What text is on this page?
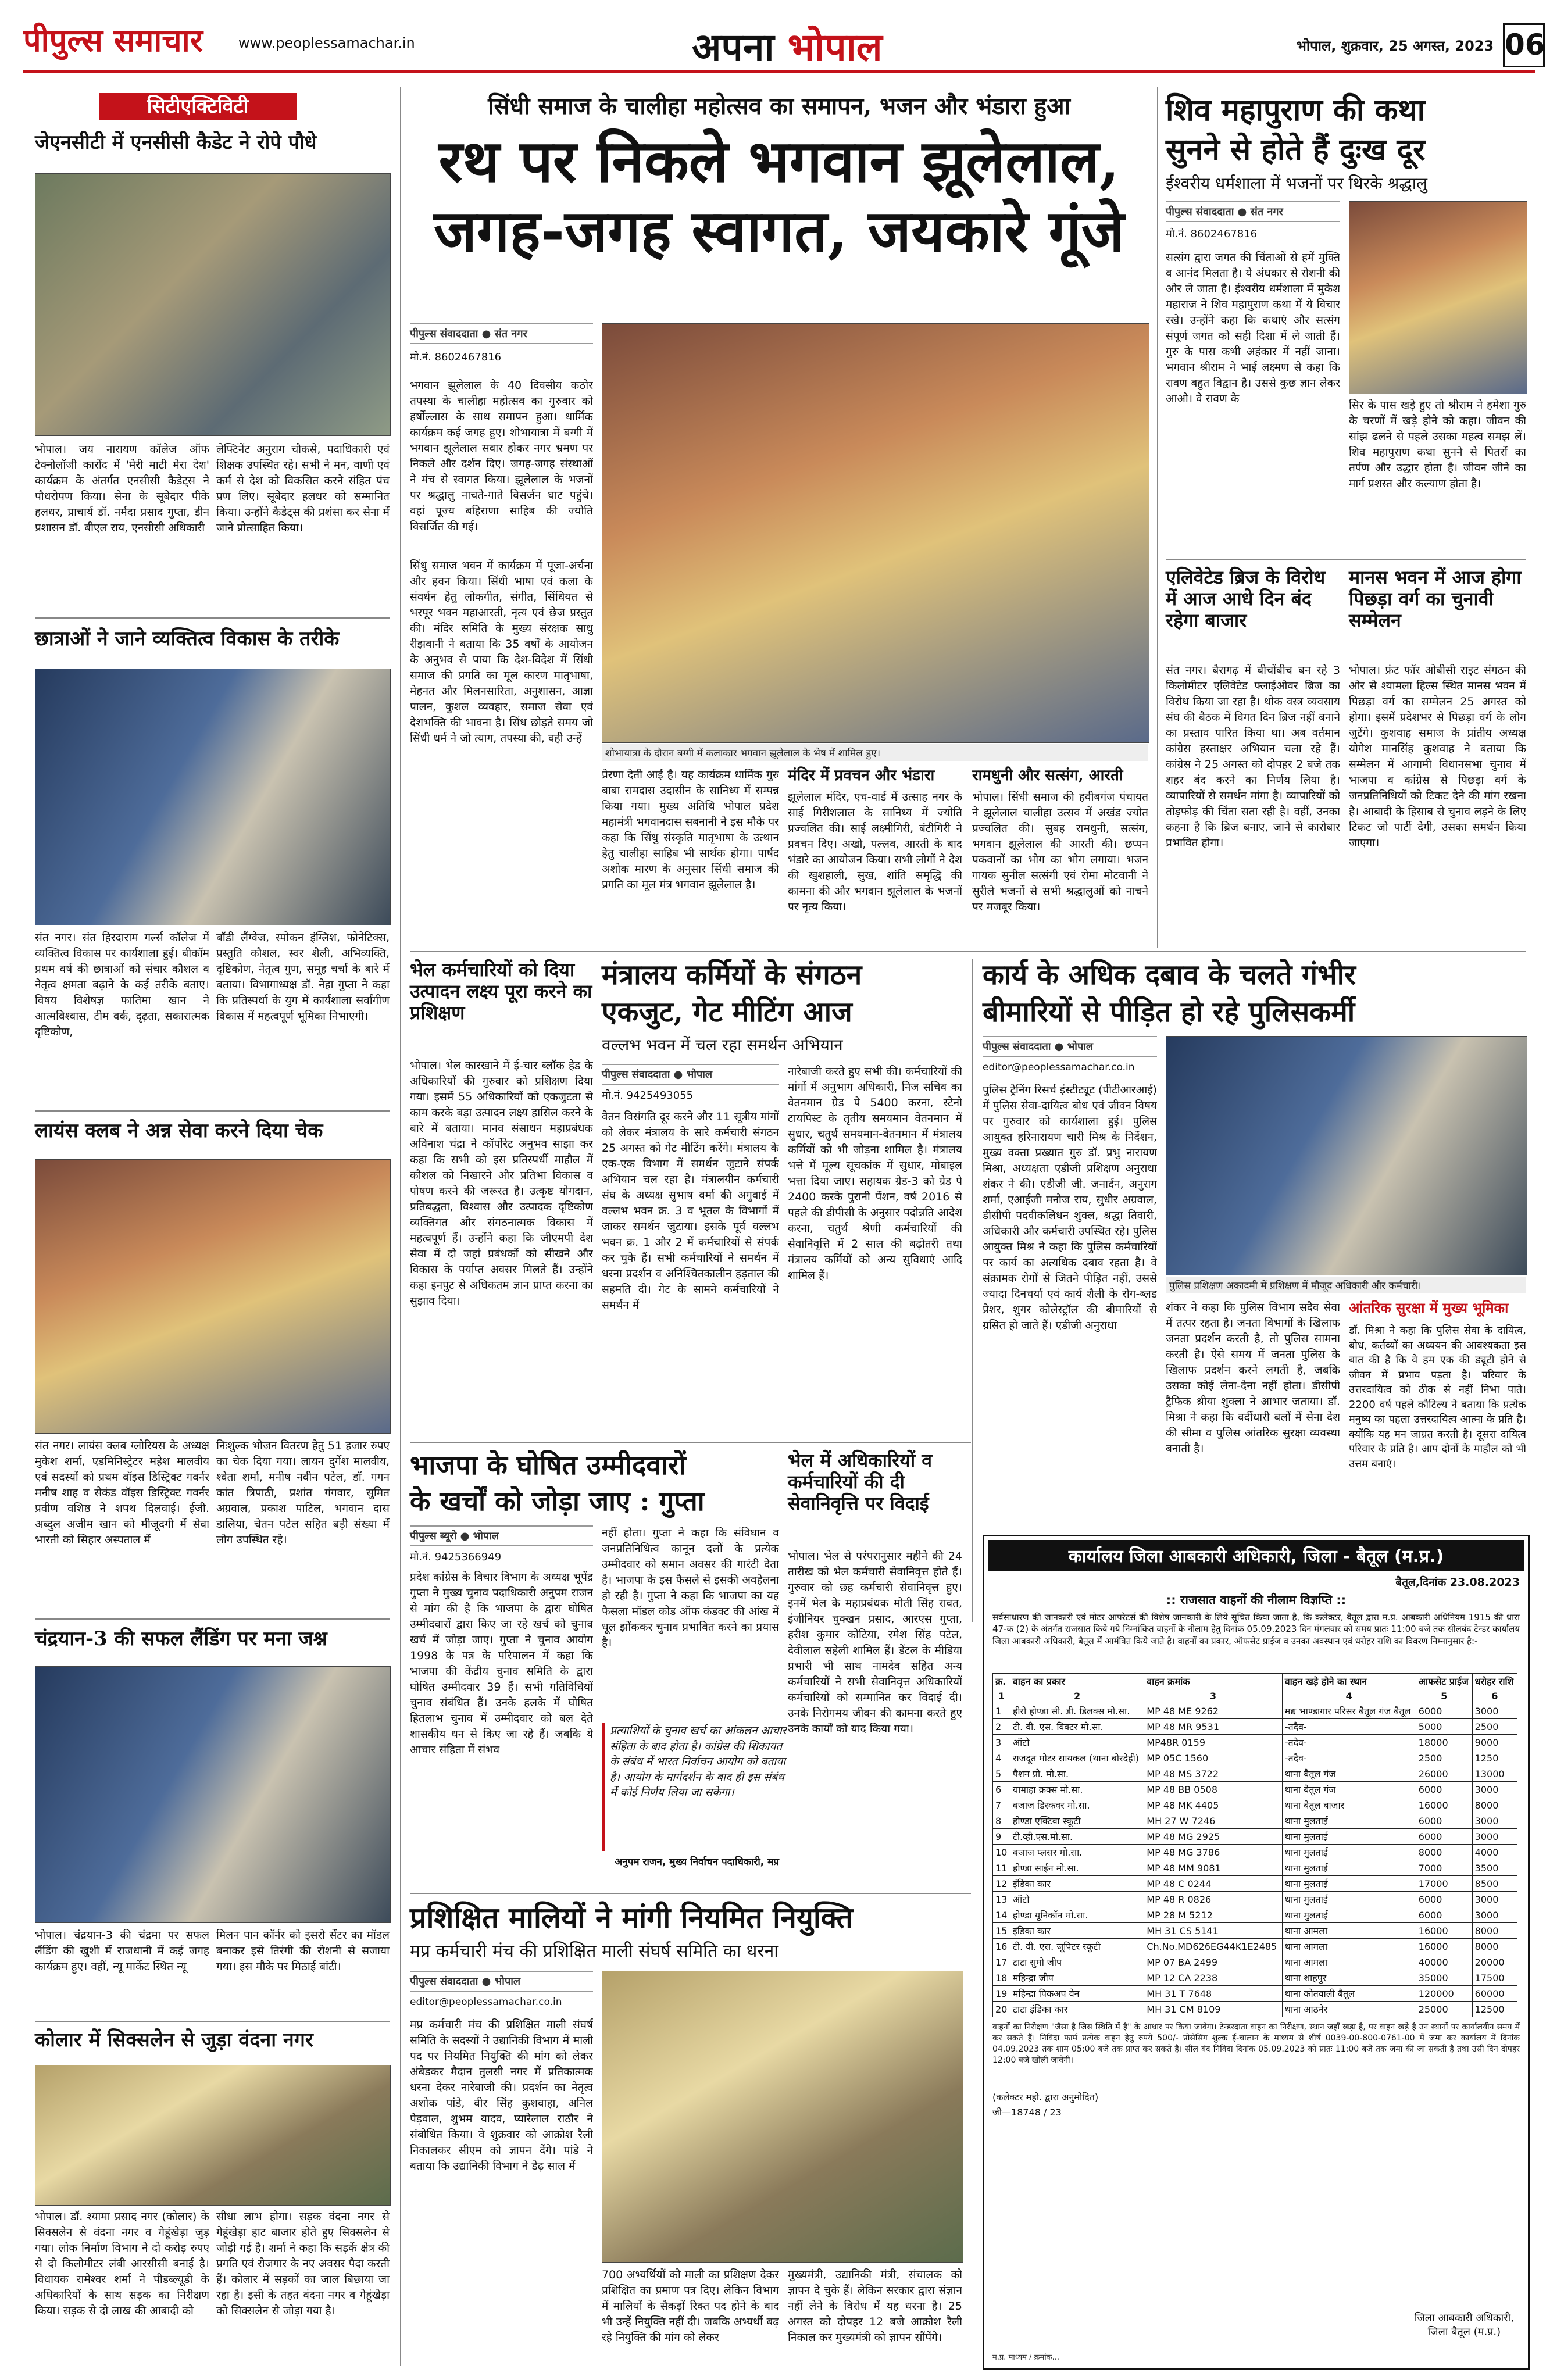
पीपुल्स समाचार	www.peoplessamachar.in	अपना भोपाल	भोपाल, शुक्रवार, 25 अगस्त, 2023 06
सिटीएक्टिविटी
जेएनसीटी में एनसीसी कैडेट ने रोपे पौधे
भोपाल। जय नारायण कॉलेज ऑफ टेक्नोलॉजी कारोंद में 'मेरी माटी मेरा देश' कार्यक्रम के अंतर्गत एनसीसी कैडेट्स ने पौधरोपण किया। सेना के सूबेदार पीके हलधर, प्राचार्य डॉ. नर्मदा प्रसाद गुप्ता, डीन प्रशासन डॉ. बीएल राय, एनसीसी अधिकारी
लेफ्टिनेंट अनुराग चौकसे, पदाधिकारी एवं शिक्षक उपस्थित रहे। सभी ने मन, वाणी एवं कर्म से देश को विकसित करने संहित पंच प्रण लिए। सूबेदार हलधर को सम्मानित किया। उन्होंने कैडेट्स की प्रशंसा कर सेना में जाने प्रोत्साहित किया।
छात्राओं ने जाने व्यक्तित्व विकास के तरीके
संत नगर। संत हिरदाराम गर्ल्स कॉलेज में व्यक्तित्व विकास पर कार्यशाला हुई। बीकॉम प्रथम वर्ष की छात्राओं को संचार कौशल व नेतृत्व क्षमता बढ़ाने के कई तरीके बताए। विषय विशेषज्ञ फातिमा खान ने आत्मविश्वास, टीम वर्क, दृढ़ता, सकारात्मक दृष्टिकोण,
बॉडी लैंग्वेज, स्पोकन इंग्लिश, फोनेटिक्स, प्रस्तुति कौशल, स्वर शैली, अभिव्यक्ति, दृष्टिकोण, नेतृत्व गुण, समूह चर्चा के बारे में बताया। विभागाध्यक्ष डॉ. नेहा गुप्ता ने कहा कि प्रतिस्पर्धा के युग में कार्यशाला सर्वांगीण विकास में महत्वपूर्ण भूमिका निभाएगी।
लायंस क्लब ने अन्न सेवा करने दिया चेक
संत नगर। लायंस क्लब ग्लोरियस के अध्यक्ष मुकेश शर्मा, एडमिनिस्ट्रेटर महेश मालवीय एवं सदस्यों को प्रथम वॉइस डिस्ट्रिक्ट गवर्नर मनीष शाह व सेकंड वॉइस डिस्ट्रिक्ट गवर्नर प्रवीण वशिष्ठ ने शपथ दिलवाई। ईजी. अब्दुल अजीम खान को मीजूदगी में सेवा भारती को सिहार अस्पताल में
निःशुल्क भोजन वितरण हेतु 51 हजार रुपए का चेक दिया गया। लायन दुर्गेश मालवीय, श्वेता शर्मा, मनीष नवीन पटेल, डॉ. गगन कांत त्रिपाठी, प्रशांत गंगवार, सुमित अग्रवाल, प्रकाश पाटिल, भगवान दास डालिया, चेतन पटेल सहित बड़ी संख्या में लोग उपस्थित रहे।
चंद्रयान-3 की सफल लैंडिंग पर मना जश्न
भोपाल। चंद्रयान-3 की चंद्रमा पर सफल लैंडिंग की खुशी में राजधानी में कई जगह कार्यक्रम हुए। वहीं, न्यू मार्केट स्थित न्यू
मिलन पान कॉर्नर को इसरो सेंटर का मॉडल बनाकर इसे तिरंगी की रोशनी से सजाया गया। इस मौके पर मिठाई बांटी।
कोलार में सिक्सलेन से जुड़ा वंदना नगर
भोपाल। डॉ. श्यामा प्रसाद नगर (कोलार) के सिक्सलेन से वंदना नगर व गेहूंखेड़ा जुड़ गया। लोक निर्माण विभाग ने दो करोड़ रुपए से दो किलोमीटर लंबी आरसीसी बनाई है। विधायक रामेश्वर शर्मा ने पीडब्ल्यूडी के अधिकारियों के साथ सड़क का निरीक्षण किया। सड़क से दो लाख की आबादी को
सीधा लाभ होगा। सड़क वंदना नगर से गेहूंखेड़ा हाट बाजार होते हुए सिक्सलेन से जोड़ी गई है। शर्मा ने कहा कि सड़कें क्षेत्र की प्रगति एवं रोजगार के नए अवसर पैदा करती हैं। कोलार में सड़कों का जाल बिछाया जा रहा है। इसी के तहत वंदना नगर व गेहूंखेड़ा को सिक्सलेन से जोड़ा गया है।
सिंधी समाज के चालीहा महोत्सव का समापन, भजन और भंडारा हुआ
रथ पर निकले भगवान झूलेलाल,
जगह-जगह स्वागत, जयकारे गूंजे
पीपुल्स संवाददाता ● संत नगर
मो.नं. 8602467816
भगवान झूलेलाल के 40 दिवसीय कठोर तपस्या के चालीहा महोत्सव का गुरुवार को हर्षोल्लास के साथ समापन हुआ। धार्मिक कार्यक्रम कई जगह हुए। शोभायात्रा में बग्गी में भगवान झूलेलाल सवार होकर नगर भ्रमण पर निकले और दर्शन दिए। जगह-जगह संस्थाओं ने मंच से स्वागत किया। झूलेलाल के भजनों पर श्रद्धालु नाचते-गाते विसर्जन घाट पहुंचे। वहां पूज्य बहिराणा साहिब की ज्योति विसर्जित की गई।
शोभायात्रा के दौरान बग्गी में कलाकार भगवान झूलेलाल के भेष में शामिल हुए।
सिंधु समाज भवन में कार्यक्रम में पूजा-अर्चना और हवन किया। सिंधी भाषा एवं कला के संवर्धन हेतु लोकगीत, संगीत, सिंधियत से भरपूर भवन महाआरती, नृत्य एवं छेज प्रस्तुत की। मंदिर समिति के मुख्य संरक्षक साधु रीझवानी ने बताया कि 35 वर्षों के आयोजन के अनुभव से पाया कि देश-विदेश में सिंधी समाज की प्रगति का मूल कारण मातृभाषा, मेहनत और मिलनसारिता, अनुशासन, आज्ञा पालन, कुशल व्यवहार, समाज सेवा एवं देशभक्ति की भावना है। सिंध छोड़ते समय जो सिंधी धर्म ने जो त्याग, तपस्या की, वही उन्हें
प्रेरणा देती आई है। यह कार्यक्रम धार्मिक गुरु बाबा रामदास उदासीन के सानिध्य में सम्पन्न किया गया। मुख्य अतिथि भोपाल प्रदेश महामंत्री भगवानदास सबनानी ने इस मौके पर कहा कि सिंधु संस्कृति मातृभाषा के उत्थान हेतु चालीहा साहिब भी सार्थक होगा। पार्षद अशोक मारण के अनुसार सिंधी समाज की प्रगति का मूल मंत्र भगवान झूलेलाल है।
मंदिर में प्रवचन और भंडारा
झूलेलाल मंदिर, एच-वार्ड में उत्साह नगर के साई गिरीशलाल के सानिध्य में ज्योति प्रज्वलित की। साई लक्ष्मीगिरी, बंटीगिरी ने प्रवचन दिए। अखो, पल्लव, आरती के बाद भंडारे का आयोजन किया। सभी लोगों ने देश की खुशहाली, सुख, शांति समृद्धि की कामना की और भगवान झूलेलाल के भजनों पर नृत्य किया।
रामधुनी और सत्संग, आरती
भोपाल। सिंधी समाज की हवीबगंज पंचायत ने झूलेलाल चालीहा उत्सव में अखंड ज्योत प्रज्वलित की। सुबह रामधुनी, सत्संग, भगवान झूलेलाल की आरती की। छप्पन पकवानों का भोग का भोग लगाया। भजन गायक सुनील सत्संगी एवं रोमा मोटवानी ने सुरीले भजनों से सभी श्रद्धालुओं को नाचने पर मजबूर किया।
शिव महापुराण की कथा
सुनने से होते हैं दुःख दूर
ईश्वरीय धर्मशाला में भजनों पर थिरके श्रद्धालु
पीपुल्स संवाददाता ● संत नगर
मो.नं. 8602467816
सत्संग द्वारा जगत की चिंताओं से हमें मुक्ति व आनंद मिलता है। ये अंधकार से रोशनी की ओर ले जाता है। ईश्वरीय धर्मशाला में मुकेश महाराज ने शिव महापुराण कथा में ये विचार रखे। उन्होंने कहा कि कथाएं और सत्संग संपूर्ण जगत को सही दिशा में ले जाती हैं। गुरु के पास कभी अहंकार में नहीं जाना। भगवान श्रीराम ने भाई लक्ष्मण से कहा कि रावण बहुत विद्वान है। उससे कुछ ज्ञान लेकर आओ। वे रावण के
सिर के पास खड़े हुए तो श्रीराम ने हमेशा गुरु के चरणों में खड़े होने को कहा। जीवन की सांझ ढलने से पहले उसका महत्व समझ लें। शिव महापुराण कथा सुनने से पितरों का तर्पण और उद्धार होता है। जीवन जीने का मार्ग प्रशस्त और कल्याण होता है।
एलिवेटेड ब्रिज के विरोध में आज आधे दिन बंद रहेगा बाजार
संत नगर। बैरागढ़ में बीचोंबीच बन रहे 3 किलोमीटर एलिवेटेड फ्लाईओवर ब्रिज का विरोध किया जा रहा है। थोक वस्त्र व्यवसाय संघ की बैठक में विगत दिन ब्रिज नहीं बनाने का प्रस्ताव पारित किया था। अब वर्तमान कांग्रेस हस्ताक्षर अभियान चला रहे हैं। कांग्रेस ने 25 अगस्त को दोपहर 2 बजे तक शहर बंद करने का निर्णय लिया है। व्यापारियों से समर्थन मांगा है। व्यापारियों को तोड़फोड़ की चिंता सता रही है। वहीं, उनका कहना है कि ब्रिज बनाए, जाने से कारोबार प्रभावित होगा।
मानस भवन में आज होगा पिछड़ा वर्ग का चुनावी सम्मेलन
भोपाल। फ्रंट फॉर ओबीसी राइट संगठन की ओर से श्यामला हिल्स स्थित मानस भवन में पिछड़ा वर्ग का सम्मेलन 25 अगस्त को होगा। इसमें प्रदेशभर से पिछड़ा वर्ग के लोग जुटेंगे। कुशवाह समाज के प्रांतीय अध्यक्ष योगेश मानसिंह कुशवाह ने बताया कि सम्मेलन में आगामी विधानसभा चुनाव में भाजपा व कांग्रेस से पिछड़ा वर्ग के जनप्रतिनिधियों को टिकट देने की मांग रखना है। आबादी के हिसाब से चुनाव लड़ने के लिए टिकट जो पार्टी देगी, उसका समर्थन किया जाएगा।
भेल कर्मचारियों को दिया उत्पादन लक्ष्य पूरा करने का प्रशिक्षण
भोपाल। भेल कारखाने में ई-चार ब्लॉक हेड के अधिकारियों की गुरुवार को प्रशिक्षण दिया गया। इसमें 55 अधिकारियों को एकजुटता से काम करके बड़ा उत्पादन लक्ष्य हासिल करने के बारे में बताया। मानव संसाधन महाप्रबंधक अविनाश चंद्रा ने कॉर्पोरेट अनुभव साझा कर कहा कि सभी को इस प्रतिस्पर्धी माहौल में कौशल को निखारने और प्रतिभा विकास व पोषण करने की जरूरत है। उत्कृष्ट योगदान, प्रतिबद्धता, विश्वास और उत्पादक दृष्टिकोण व्यक्तिगत और संगठनात्मक विकास में महत्वपूर्ण हैं। उन्होंने कहा कि जीएमपी देश सेवा में दो जहां प्रबंधकों को सीखने और विकास के पर्याप्त अवसर मिलते हैं। उन्होंने कहा इनपुट से अधिकतम ज्ञान प्राप्त करना का सुझाव दिया।
मंत्रालय कर्मियों के संगठन
एकजुट, गेट मीटिंग आज
वल्लभ भवन में चल रहा समर्थन अभियान
पीपुल्स संवाददाता ● भोपाल
मो.नं. 9425493055
वेतन विसंगति दूर करने और 11 सूत्रीय मांगों को लेकर मंत्रालय के सारे कर्मचारी संगठन 25 अगस्त को गेट मीटिंग करेंगे। मंत्रालय के एक-एक विभाग में समर्थन जुटाने संपर्क अभियान चल रहा है। मंत्रालयीन कर्मचारी संघ के अध्यक्ष सुभाष वर्मा की अगुवाई में वल्लभ भवन क्र. 3 व भूतल के विभागों में जाकर समर्थन जुटाया। इसके पूर्व वल्लभ भवन क्र. 1 और 2 में कर्मचारियों से संपर्क कर चुके हैं। सभी कर्मचारियों ने समर्थन में धरना प्रदर्शन व अनिश्चितकालीन हड़ताल की सहमति दी। गेट के सामने कर्मचारियों ने समर्थन में
नारेबाजी करते हुए सभी की। कर्मचारियों की मांगों में अनुभाग अधिकारी, निज सचिव का वेतनमान ग्रेड पे 5400 करना, स्टेनो टायपिस्ट के तृतीय समयमान वेतनमान में सुधार, चतुर्थ समयमान-वेतनमान में मंत्रालय कर्मियों को भी जोड़ना शामिल है। मंत्रालय भत्ते में मूल्य सूचकांक में सुधार, मोबाइल भत्ता दिया जाए। सहायक ग्रेड-3 को ग्रेड पे 2400 करके पुरानी पेंशन, वर्ष 2016 से पहले की डीपीसी के अनुसार पदोन्नति आदेश करना, चतुर्थ श्रेणी कर्मचारियों की सेवानिवृत्ति में 2 साल की बढ़ोतरी तथा मंत्रालय कर्मियों को अन्य सुविधाएं आदि शामिल हैं।
कार्य के अधिक दबाव के चलते गंभीर
बीमारियों से पीड़ित हो रहे पुलिसकर्मी
पीपुल्स संवाददाता ● भोपाल
editor@peoplessamachar.co.in
पुलिस प्रशिक्षण अकादमी में प्रशिक्षण में मौजूद अधिकारी और कर्मचारी।
पुलिस ट्रेनिंग रिसर्च इंस्टीट्यूट (पीटीआरआई) में पुलिस सेवा-दायित्व बोध एवं जीवन विषय पर गुरुवार को कार्यशाला हुई। पुलिस आयुक्त हरिनारायण चारी मिश्र के निर्देशन, मुख्य वक्ता प्रख्यात गुरु डॉ. प्रभु नारायण मिश्रा, अध्यक्षता एडीजी प्रशिक्षण अनुराधा शंकर ने की। एडीजी जी. जनार्दन, अनुराग शर्मा, एआईजी मनोज राय, सुधीर अग्रवाल, डीसीपी पदवीकलिधन शुक्ल, श्रद्धा तिवारी, अधिकारी और कर्मचारी उपस्थित रहे। पुलिस आयुक्त मिश्र ने कहा कि पुलिस कर्मचारियों पर कार्य का अत्यधिक दबाव रहता है। वे संक्रामक रोगों से जितने पीड़ित नहीं, उससे ज्यादा दिनचर्या एवं कार्य शैली के रोग-ब्लड प्रेशर, शुगर कोलेस्ट्रॉल की बीमारियों से ग्रसित हो जाते हैं। एडीजी अनुराधा
शंकर ने कहा कि पुलिस विभाग सदैव सेवा में तत्पर रहता है। जनता विभागों के खिलाफ जनता प्रदर्शन करती है, तो पुलिस सामना करती है। ऐसे समय में जनता पुलिस के खिलाफ प्रदर्शन करने लगती है, जबकि उसका कोई लेना-देना नहीं होता। डीसीपी ट्रैफिक श्रीया शुक्ला ने आभार जताया। डॉ. मिश्रा ने कहा कि वर्दीधारी बलों में सेना देश की सीमा व पुलिस आंतरिक सुरक्षा व्यवस्था बनाती है।
आंतरिक सुरक्षा में मुख्य भूमिका
डॉ. मिश्रा ने कहा कि पुलिस सेवा के दायित्व, बोध, कर्तव्यों का अध्ययन की आवश्यकता इस बात की है कि वे हम एक की ड्यूटी होने से जीवन में प्रभाव पड़ता है। परिवार के उत्तरदायित्व को ठीक से नहीं निभा पाते। 2200 वर्ष पहले कौटिल्य ने बताया कि प्रत्येक मनुष्य का पहला उत्तरदायित्व आत्मा के प्रति है। क्योंकि यह मन जाग्रत करती है। दूसरा दायित्व परिवार के प्रति है। आप दोनों के माहौल को भी उत्तम बनाएं।
भाजपा के घोषित उम्मीदवारों
के खर्चों को जोड़ा जाए : गुप्ता
पीपुल्स ब्यूरो ● भोपाल
मो.नं. 9425366949
प्रदेश कांग्रेस के विचार विभाग के अध्यक्ष भूपेंद्र गुप्ता ने मुख्य चुनाव पदाधिकारी अनुपम राजन से मांग की है कि भाजपा के द्वारा घोषित उम्मीदवारों द्वारा किए जा रहे खर्च को चुनाव खर्च में जोड़ा जाए। गुप्ता ने चुनाव आयोग 1998 के पत्र के परिपालन में कहा कि भाजपा की केंद्रीय चुनाव समिति के द्वारा घोषित उम्मीदवार 39 हैं। सभी गतिविधियों चुनाव संबंधित हैं। उनके हलके में घोषित हितलाभ चुनाव में उम्मीदवार को बल देते शासकीय धन से किए जा रहे हैं। जबकि ये आचार संहिता में संभव
नहीं होता। गुप्ता ने कहा कि संविधान व जनप्रतिनिधित्व कानून दलों के प्रत्येक उम्मीदवार को समान अवसर की गारंटी देता है। भाजपा के इस फैसले से इसकी अवहेलना हो रही है। गुप्ता ने कहा कि भाजपा का यह फैसला मॉडल कोड ऑफ कंडक्ट की आंख में धूल झोंककर चुनाव प्रभावित करने का प्रयास है।
प्रत्याशियों के चुनाव खर्च का आंकलन आचार संहिता के बाद होता है। कांग्रेस की शिकायत के संबंध में भारत निर्वाचन आयोग को बताया है। आयोग के मार्गदर्शन के बाद ही इस संबंध में कोई निर्णय लिया जा सकेगा।
अनुपम राजन, मुख्य निर्वाचन पदाधिकारी, मप्र
भेल में अधिकारियों व कर्मचारियों की दी सेवानिवृत्ति पर विदाई
भोपाल। भेल से परंपरानुसार महीने की 24 तारीख को भेल कर्मचारी सेवानिवृत्त होते हैं। गुरुवार को छह कर्मचारी सेवानिवृत्त हुए। इनमें भेल के महाप्रबंधक मोती सिंह रावत, इंजीनियर चुक्खन प्रसाद, आरएस गुप्ता, हरीश कुमार कोटिया, रमेश सिंह पटेल, देवीलाल सहेली शामिल हैं। डेंटल के मीडिया प्रभारी भी साथ नामदेव सहित अन्य कर्मचारियों ने सभी सेवानिवृत्त अधिकारियों कर्मचारियों को सम्मानित कर विदाई दी। उनके निरोगमय जीवन की कामना करते हुए उनके कार्यों को याद किया गया।
प्रशिक्षित मालियों ने मांगी नियमित नियुक्ति
मप्र कर्मचारी मंच की प्रशिक्षित माली संघर्ष समिति का धरना
पीपुल्स संवाददाता ● भोपाल
editor@peoplessamachar.co.in
मप्र कर्मचारी मंच की प्रशिक्षित माली संघर्ष समिति के सदस्यों ने उद्यानिकी विभाग में माली पद पर नियमित नियुक्ति की मांग को लेकर अंबेडकर मैदान तुलसी नगर में प्रतिकात्मक धरना देकर नारेबाजी की। प्रदर्शन का नेतृत्व अशोक पांडे, वीर सिंह कुशवाहा, अनिल पेड़वाल, शुभम यादव, प्यारेलाल राठौर ने संबोधित किया। वे शुक्रवार को आक्रोश रैली निकालकर सीएम को ज्ञापन देंगे। पांडे ने बताया कि उद्यानिकी विभाग ने डेढ़ साल में
700 अभ्यर्थियों को माली का प्रशिक्षण देकर प्रशिक्षित का प्रमाण पत्र दिए। लेकिन विभाग में मालियों के सैकड़ों रिक्त पद होने के बाद भी उन्हें नियुक्ति नहीं दी। जबकि अभ्यर्थी बढ़ रहे नियुक्ति की मांग को लेकर
मुख्यमंत्री, उद्यानिकी मंत्री, संचालक को ज्ञापन दे चुके हैं। लेकिन सरकार द्वारा संज्ञान नहीं लेने के विरोध में यह धरना है। 25 अगस्त को दोपहर 12 बजे आक्रोश रैली निकाल कर मुख्यमंत्री को ज्ञापन सौंपेंगे।
कार्यालय जिला आबकारी अधिकारी, जिला - बैतूल (म.प्र.)
बैतूल,दिनांक 23.08.2023
:: राजसात वाहनों की नीलाम विज्ञप्ति ::
सर्वसाधारण की जानकारी एवं मोटर आपरेटर्स की विशेष जानकारी के लिये सूचित किया जाता है, कि कलेक्टर, बैतूल द्वारा म.प्र. आबकारी अधिनियम 1915 की धारा 47-क (2) के अंतर्गत राजसात किये गये निम्नांकित वाहनों के नीलाम हेतु दिनांक 05.09.2023 दिन मंगलवार को समय प्रातः 11:00 बजे तक सीलबंद टेन्डर कार्यालय जिला आबकारी अधिकारी, बैतूल में आमंत्रित किये जाते है। वाहनों का प्रकार, ऑफसेट प्राईज व उनका अवस्थान एवं धरोहर राशि का विवरण निम्नानुसार है:-
क्र.	वाहन का प्रकार	वाहन क्रमांक	वाहन खड़े होने का स्थान	आफसेट प्राईज	धरोहर राशि
1	2	3	4	5	6
1	हीरो होण्डा सी. डी. डिलक्स मो.सा.	MP 48 ME 9262	मद्य भाण्डागार परिसर बैतूल गंज बैतूल	6000	3000
2	टी. वी. एस. विक्टर मो.सा.	MP 48 MR 9531	-तदैव-	5000	2500
3	ऑटो	MP48R 0159	-तदैव-	18000	9000
4	राजदूत मोटर सायकल (थाना बोरदेही)	MP 05C 1560	-तदैव-	2500	1250
5	पैशन प्रो. मो.सा.	MP 48 MS 3722	थाना बैतूल गंज	26000	13000
6	यामाहा क्रक्स मो.सा.	MP 48 BB 0508	थाना बैतूल गंज	6000	3000
7	बजाज डिस्कवर मो.सा.	MP 48 MK 4405	थाना बैतूल बाजार	16000	8000
8	होण्डा एक्टिवा स्कूटी	MH 27 W 7246	थाना मुलताई	6000	3000
9	टी.व्ही.एस.मो.सा.	MP 48 MG 2925	थाना मुलताई	6000	3000
10	बजाज प्लसर मो.सा.	MP 48 MG 3786	थाना मुलताई	8000	4000
11	होण्डा साईन मो.सा.	MP 48 MM 9081	थाना मुलताई	7000	3500
12	इंडिका कार	MP 48 C 0244	थाना मुलताई	17000	8500
13	ऑटो	MP 48 R 0826	थाना मुलताई	6000	3000
14	होण्डा यूनिकॉन मो.सा.	MP 28 M 5212	थाना मुलताई	6000	3000
15	इंडिका कार	MH 31 CS 5141	थाना आमला	16000	8000
16	टी. वी. एस. जूपिटर स्कूटी	Ch.No.MD626EG44K1E2485	थाना आमला	16000	8000
17	टाटा सुमो जीप	MP 07 BA 2499	थाना आमला	40000	20000
18	महिन्द्रा जीप	MP 12 CA 2238	थाना शाहपुर	35000	17500
19	महिन्द्रा पिकअप वेन	MH 31 T 7648	थाना कोतवाली बैतूल	120000	60000
20	टाटा इंडिका कार	MH 31 CM 8109	थाना आठनेर	25000	12500
वाहनों का निरीक्षण "जैसा है जिस स्थिति में है" के आधार पर किया जावेगा। टेन्डरदाता वाहन का निरीक्षण, स्थान जहाँ खड़ा है, पर वाहन खड़े है उन स्थानों पर कार्यालयीन समय में कर सकते हैं। निविदा फार्म प्रत्येक वाहन हेतु रुपये 500/- प्रोसेसिंग शुल्क ई-चालान के माध्यम से शीर्ष 0039-00-800-0761-00 में जमा कर कार्यालय में दिनांक 04.09.2023 तक शाम 05:00 बजे तक प्राप्त कर सकते है। सील बंद निविदा दिनांक 05.09.2023 को प्रातः 11:00 बजे तक जमा की जा सकती है तथा उसी दिन दोपहर 12:00 बजे खोली जावेगी।
(कलेक्टर महो. द्वारा अनुमोदित)
जी—18748 / 23
जिला आबकारी अधिकारी,
जिला बैतूल (म.प्र.)
म.प्र. माध्यम / क्रमांक...
